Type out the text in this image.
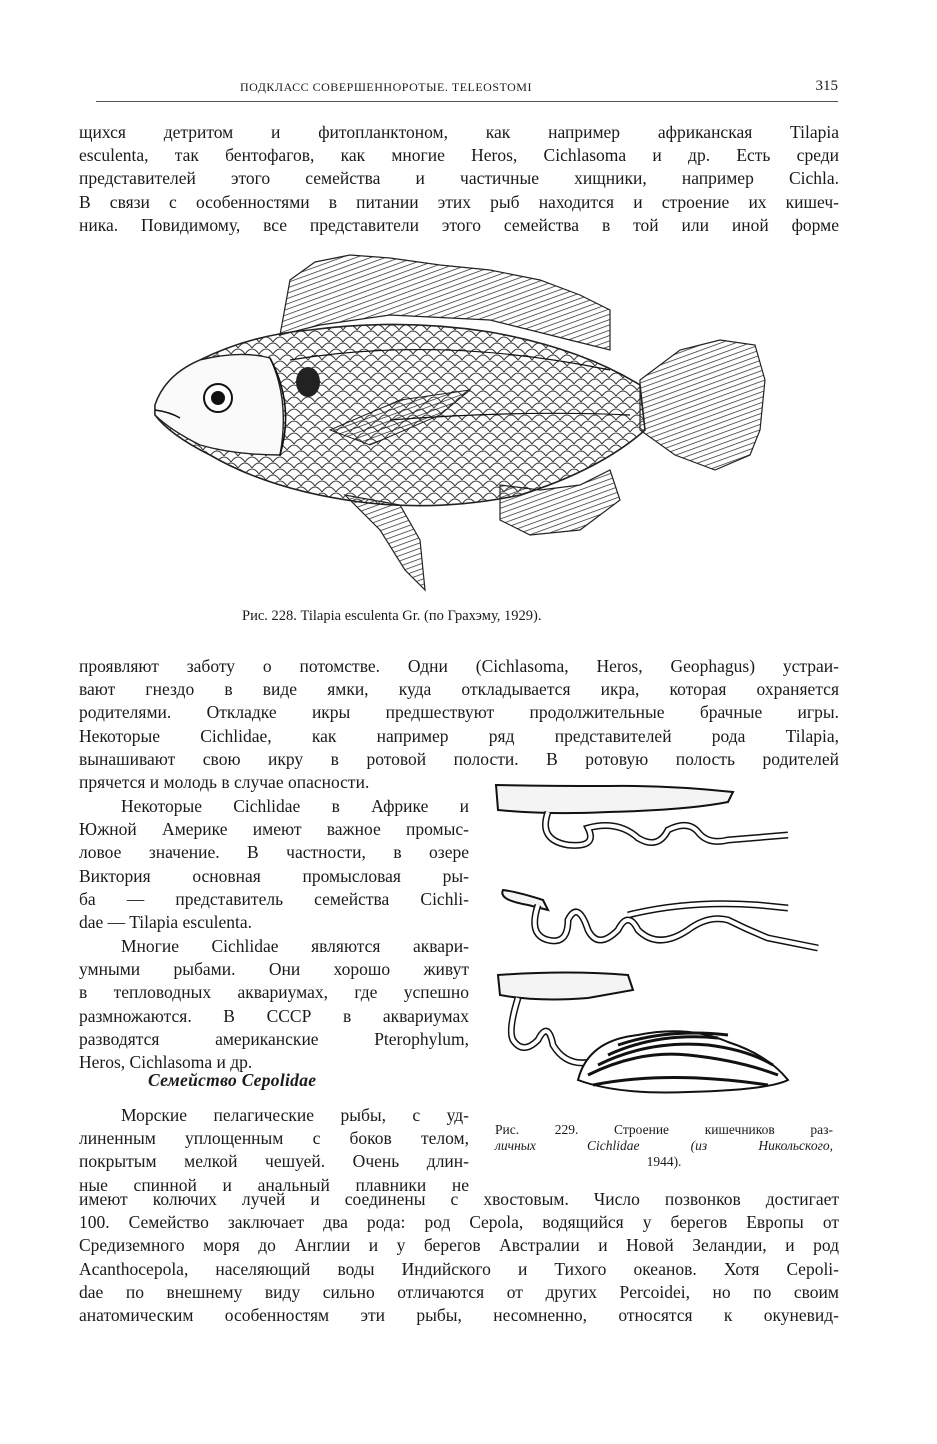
ПОДКЛАСС СОВЕРШЕННОРОТЫЕ. TELEOSTOMI	315
щихся детритом и фитопланктоном, как например африканская Tilapia
esculenta, так бентофагов, как многие Heros, Cichlasoma и др. Есть среди
представителей этого семейства и частичные хищники, например Cichla.
В связи с особенностями в питании этих рыб находится и строение их кишеч-
ника. Повидимому, все представители этого семейства в той или иной форме
Рис. 228. Tilapia esculenta Gr. (по Грахэму, 1929).
проявляют заботу о потомстве. Одни (Cichlasoma, Heros, Geophagus) устраи-
вают гнездо в виде ямки, куда откладывается икра, которая охраняется
родителями. Откладке икры предшествуют продолжительные брачные игры.
Некоторые Cichlidae, как например ряд представителей рода Tilapia,
вынашивают свою икру в ротовой полости. В ротовую полость родителей
прячется и молодь в случае опасности.
Некоторые Cichlidae в Африке и
Южной Америке имеют важное промыс-
ловое значение. В частности, в озере
Виктория основная промысловая ры-
ба — представитель семейства Cichli-
dae — Tilapia esculenta.
Многие Cichlidae являются аквари-
умными рыбами. Они хорошо живут
в тепловодных аквариумах, где успешно
размножаются. В СССР в аквариумах
разводятся американские Pterophylum,
Heros, Cichlasoma и др.
Семейство Cepolidae
Морские пелагические рыбы, с уд-
линенным уплощенным с боков телом,
покрытым мелкой чешуей. Очень длин-
ные спинной и анальный плавники не
Рис. 229. Строение кишечников раз-
личных Cichlidae (из Никольского,
1944).
имеют колючих лучей и соединены с хвостовым. Число позвонков достигает
100. Семейство заключает два рода: род Cepola, водящийся у берегов Европы от
Средиземного моря до Англии и у берегов Австралии и Новой Зеландии, и род
Acanthocepola, населяющий воды Индийского и Тихого океанов. Хотя Cepoli-
dae по внешнему виду сильно отличаются от других Percoidei, но по своим
анатомическим особенностям эти рыбы, несомненно, относятся к окуневид-
